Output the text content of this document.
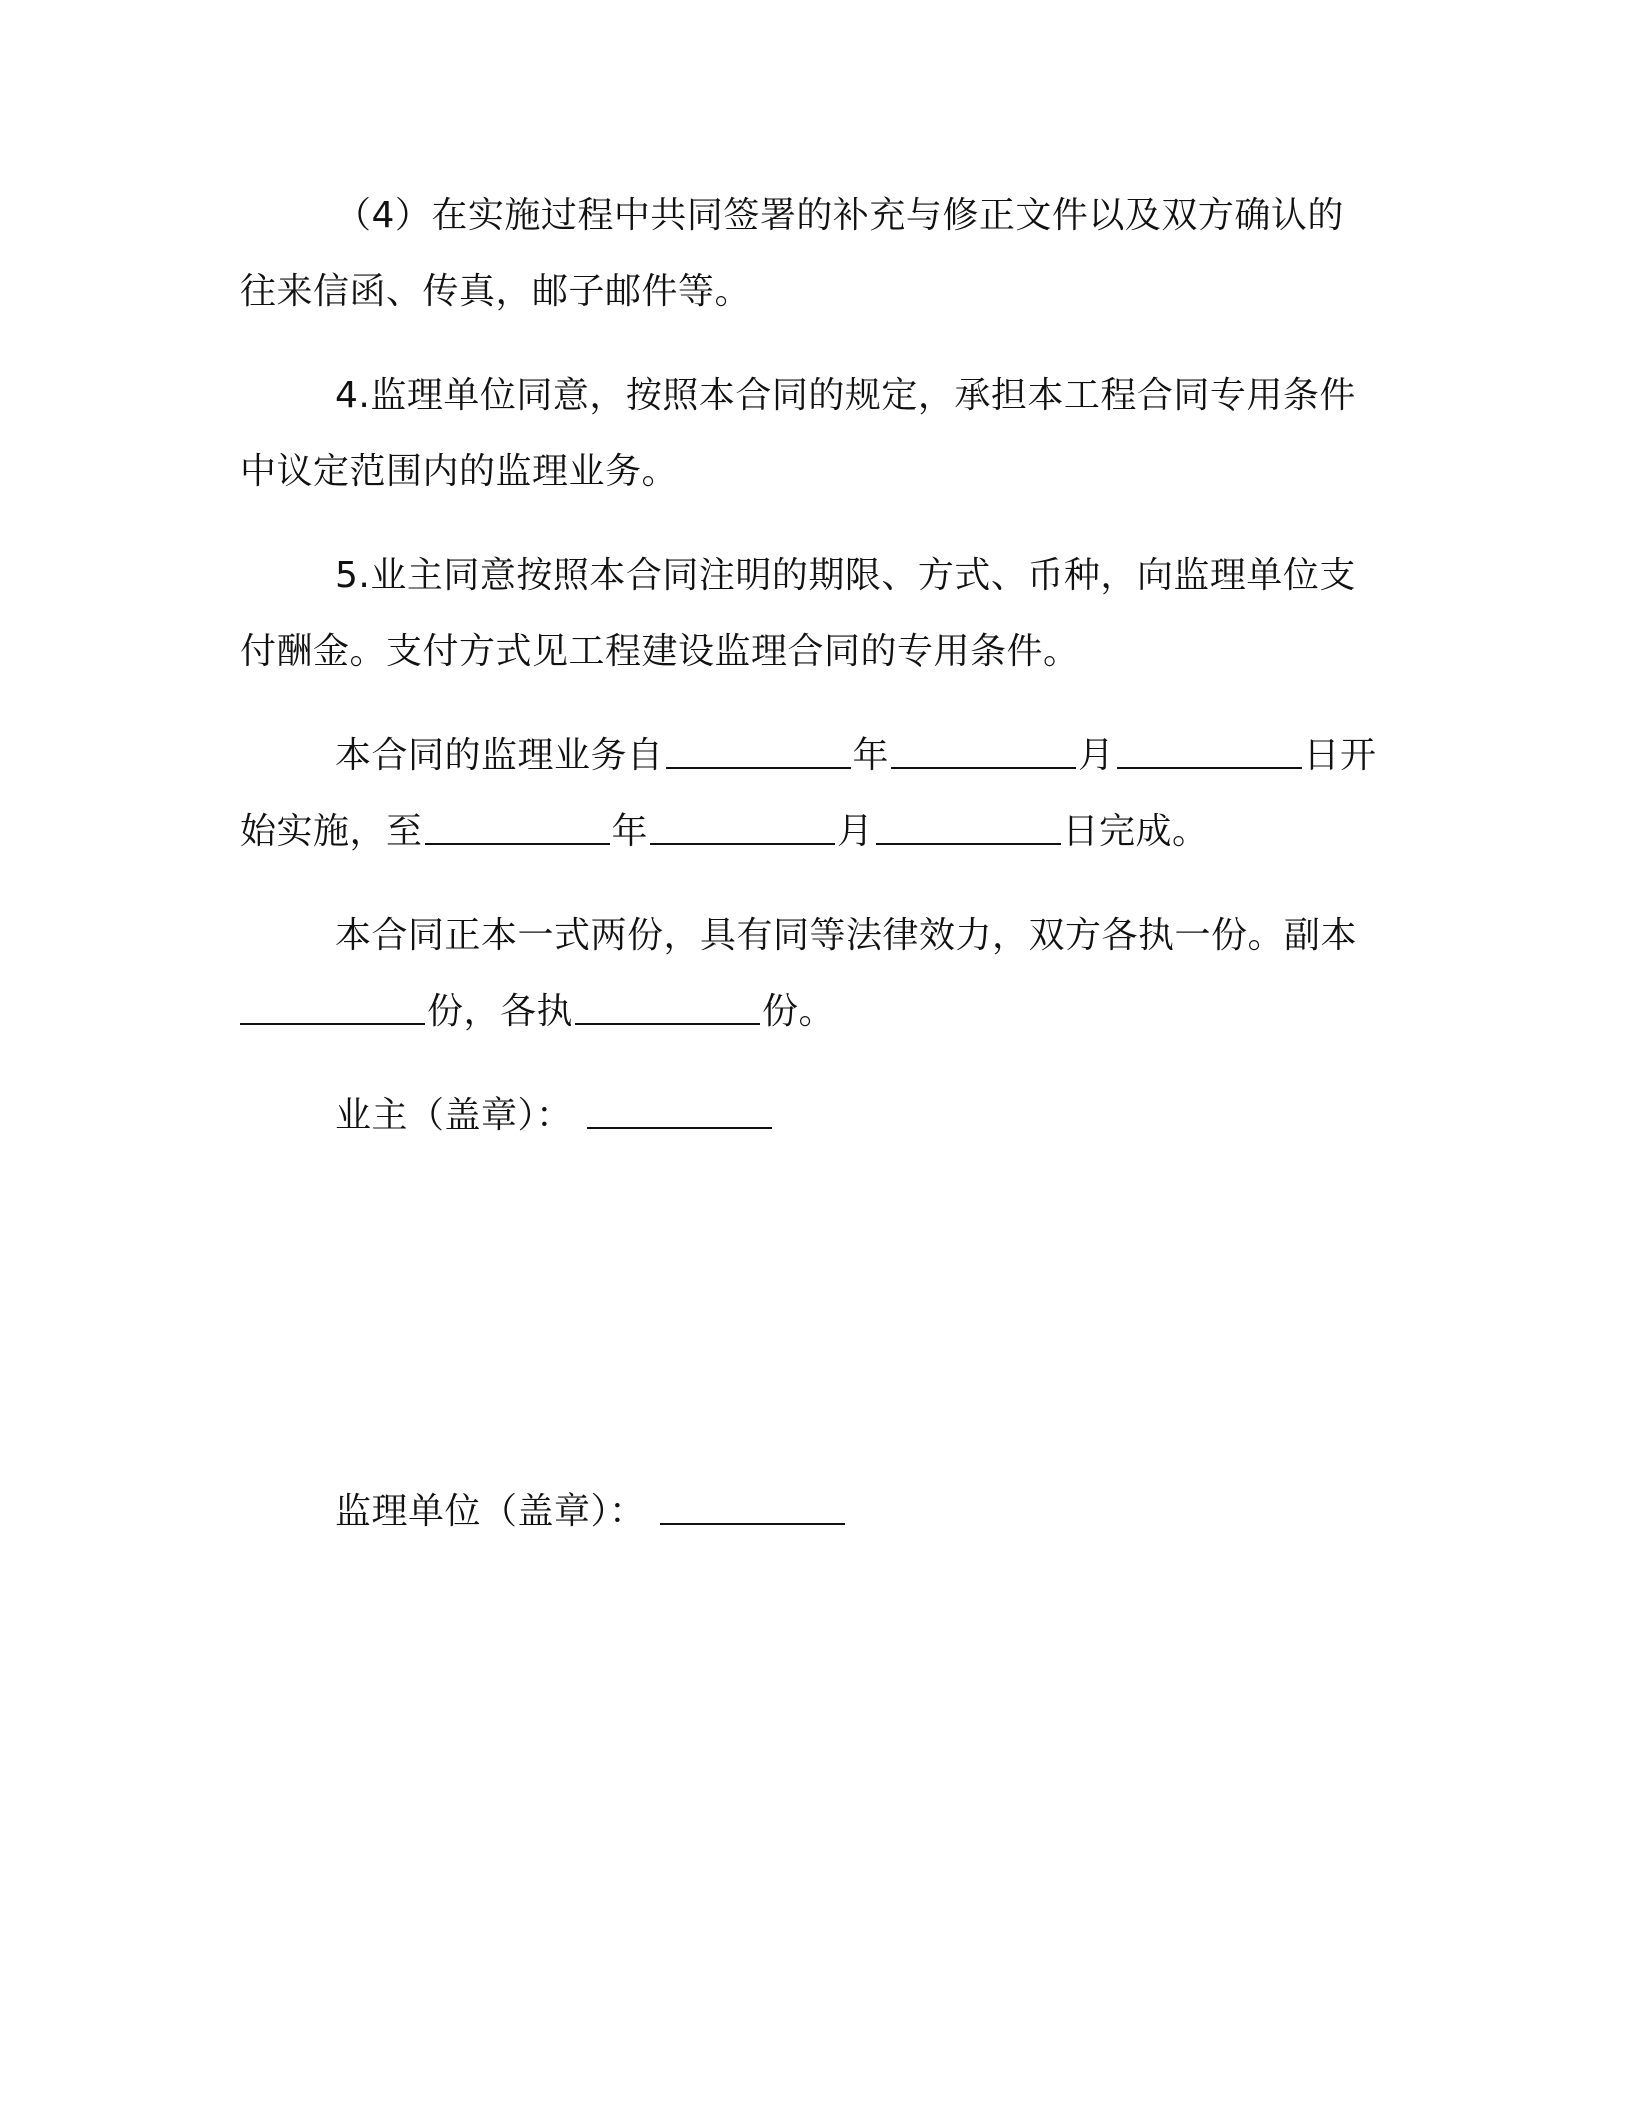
（4）在实施过程中共同签署的补充与修正文件以及双方确认的
往来信函、传真，邮子邮件等。

4.监理单位同意，按照本合同的规定，承担本工程合同专用条件
中议定范围内的监理业务。

5.业主同意按照本合同注明的期限、方式、币种，向监理单位支
付酬金。支付方式见工程建设监理合同的专用条件。

本合同的监理业务自	年	月	日开
始实施，至	年	月	日完成。

本合同正本一式两份，具有同等法律效力，双方各执一份。副本
份，各执	份。

业主（盖章）：

监理单位（盖章）：
